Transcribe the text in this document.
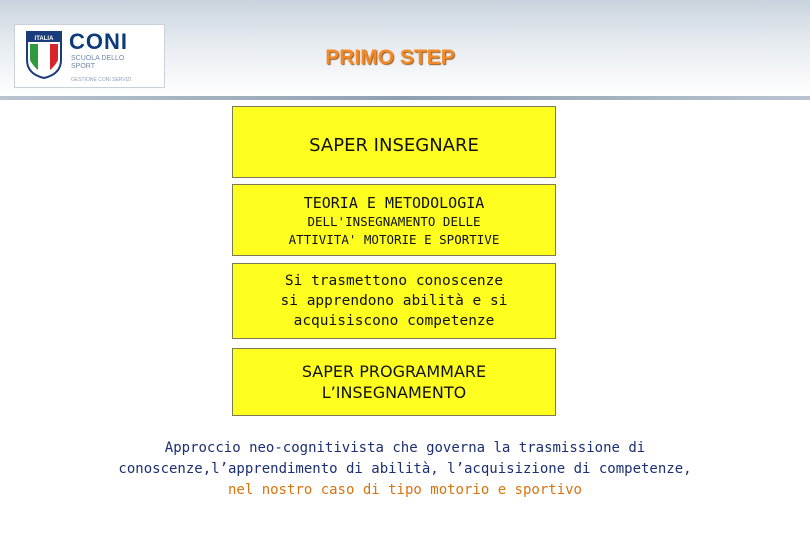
ITALIA CONI
SCUOLA DELLO SPORT
GESTIONE CONI SERVIZI
PRIMO STEP
SAPER INSEGNARE
TEORIA E METODOLOGIA
DELL'INSEGNAMENTO DELLE
ATTIVITA' MOTORIE E SPORTIVE
Si trasmettono conoscenze
si apprendono abilità e si
acquisiscono competenze
SAPER PROGRAMMARE
L’INSEGNAMENTO
Approccio neo-cognitivista che governa la trasmissione di
conoscenze,l’apprendimento di abilità, l’acquisizione di competenze,
nel nostro caso di tipo motorio e sportivo
